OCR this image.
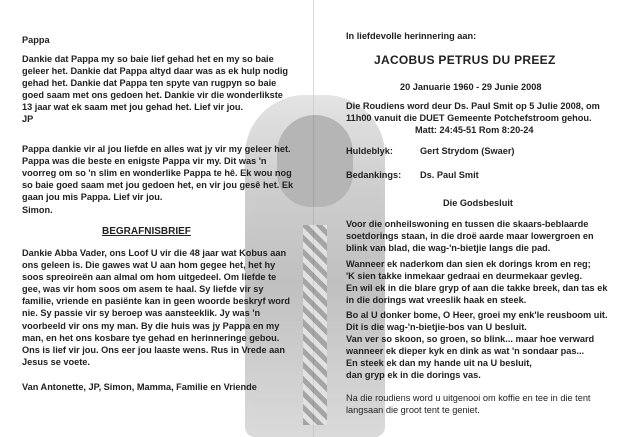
Pappa
Dankie dat Pappa my so baie lief gehad het en my so baie
geleer het. Dankie dat Pappa altyd daar was as ek hulp nodig
gehad het. Dankie dat Pappa ten spyte van rugpyn so baie
goed saam met ons gedoen het. Dankie vir die wonderlikste
13 jaar wat ek saam met jou gehad het. Lief vir jou.
JP
Pappa dankie vir al jou liefde en alles wat jy vir my geleer het.
Pappa was die beste en enigste Pappa vir my. Dit was 'n
voorreg om so 'n slim en wonderlike Pappa te hê. Ek wou nog
so baie goed saam met jou gedoen het, en vir jou gesê het. Ek
gaan jou mis Pappa. Lief vir jou.
Simon.
BEGRAFNISBRIEF
Dankie Abba Vader, ons Loof U vir die 48 jaar wat Kobus aan
ons geleen is. Die gawes wat U aan hom gegee het, het hy
soos spreoireën aan almal om hom uitgedeel. Om liefde te
gee, was vir hom soos om asem te haal. Sy liefde vir sy
familie, vriende en pasiënte kan in geen woorde beskryf word
nie. Sy passie vir sy beroep was aansteeklik. Jy was 'n
voorbeeld vir ons my man. By die huis was jy Pappa en my
man, en het ons kosbare tye gehad en herinneringe gebou.
Ons is lief vir jou. Ons eer jou laaste wens. Rus in Vrede aan
Jesus se voete.
Van Antonette, JP, Simon, Mamma, Familie en Vriende
In liefdevolle herinnering aan:
JACOBUS PETRUS DU PREEZ
20 Januarie 1960 - 29 Junie 2008
Die Roudiens word deur Ds. Paul Smit op 5 Julie 2008, om
11h00 vanuit die DUET Gemeente Potchefstroom gehou.
Matt: 24:45-51 Rom 8:20-24
Huldeblyk:	Gert Strydom (Swaer)
Bedankings: Ds. Paul Smit
Die Godsbesluit
Voor die onheilswoning en tussen die skaars-beblaarde
soetdorings staan, in die droë aarde maar lowergroen en
blink van blad, die wag-'n-bietjie langs die pad.
Wanneer ek naderkom dan sien ek dorings krom en reg;
'K sien takke inmekaar gedraai en deurmekaar gevleg.
En wil ek in die blare gryp of aan die takke breek, dan tas ek
in die dorings wat vreeslik haak en steek.
Bo al U donker bome, O Heer, groei my enk'le reusboom uit.
Dit is die wag-'n-bietjie-bos van U besluit.
Van ver so skoon, so groen, so blink... maar hoe verward
wanneer ek dieper kyk en dink as wat 'n sondaar pas...
En steek ek dan my hande uit na U besluit,
dan gryp ek in die dorings vas.
Na die roudiens word u uitgenooi om koffie en tee in die tent
langsaan die groot tent te geniet.
